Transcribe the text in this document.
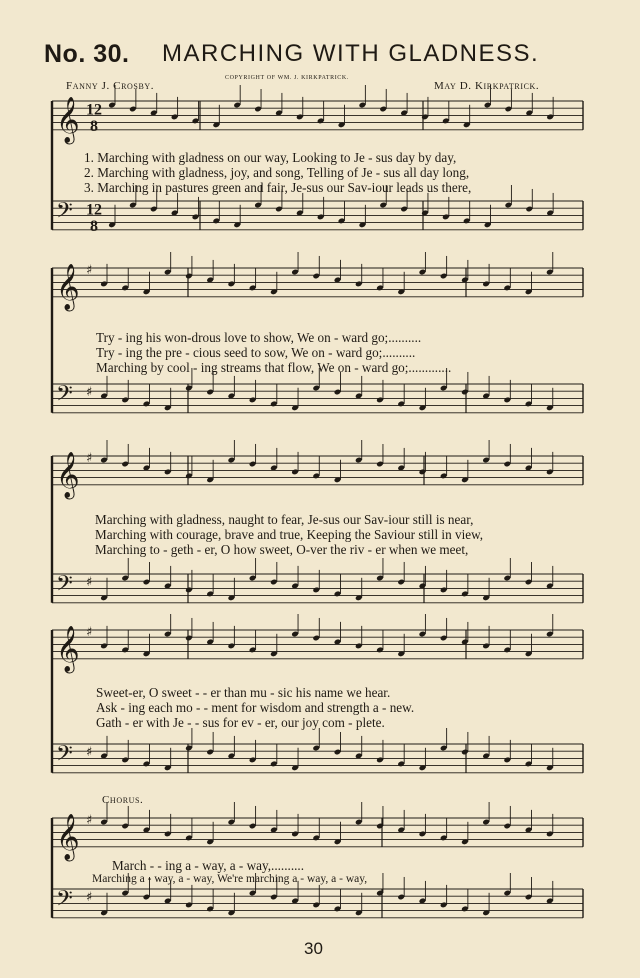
No. 30. MARCHING WITH GLADNESS.
Fanny J. Crosby.	May D. Kirkpatrick.
COPYRIGHT OF WM. J. KIRKPATRICK.
𝄞 12
8
𝄢 12
8
𝄞 ♯
𝄢 ♯
𝄞 ♯
𝄢 ♯
𝄞 ♯
𝄢 ♯
𝄞 ♯
𝄢 ♯
1. Marching with gladness on our way, Looking to Je - sus day by day,
2. Marching with gladness, joy, and song, Telling of Je - sus all day long,
3. Marching in pastures green and fair, Je-sus our Sav-iour leads us there,
Try - ing his won-drous love to show, We on - ward go;..........
Try - ing the pre - cious seed to sow, We on - ward go;..........
Marching by cool - ing streams that flow, We on - ward go;.............
Marching with gladness, naught to fear, Je-sus our Sav-iour still is near,
Marching with courage, brave and true, Keeping the Saviour still in view,
Marching to - geth - er, O how sweet, O-ver the riv - er when we meet,
Sweet-er, O sweet - - er than mu - sic his name we hear.
Ask - ing each mo - - ment for wisdom and strength a - new.
Gath - er with Je - - sus for ev - er, our joy com - plete.
Chorus.
March - - ing a - way, a - way,..........
Marching a - way, a - way, We're marching a - way, a - way,
30
